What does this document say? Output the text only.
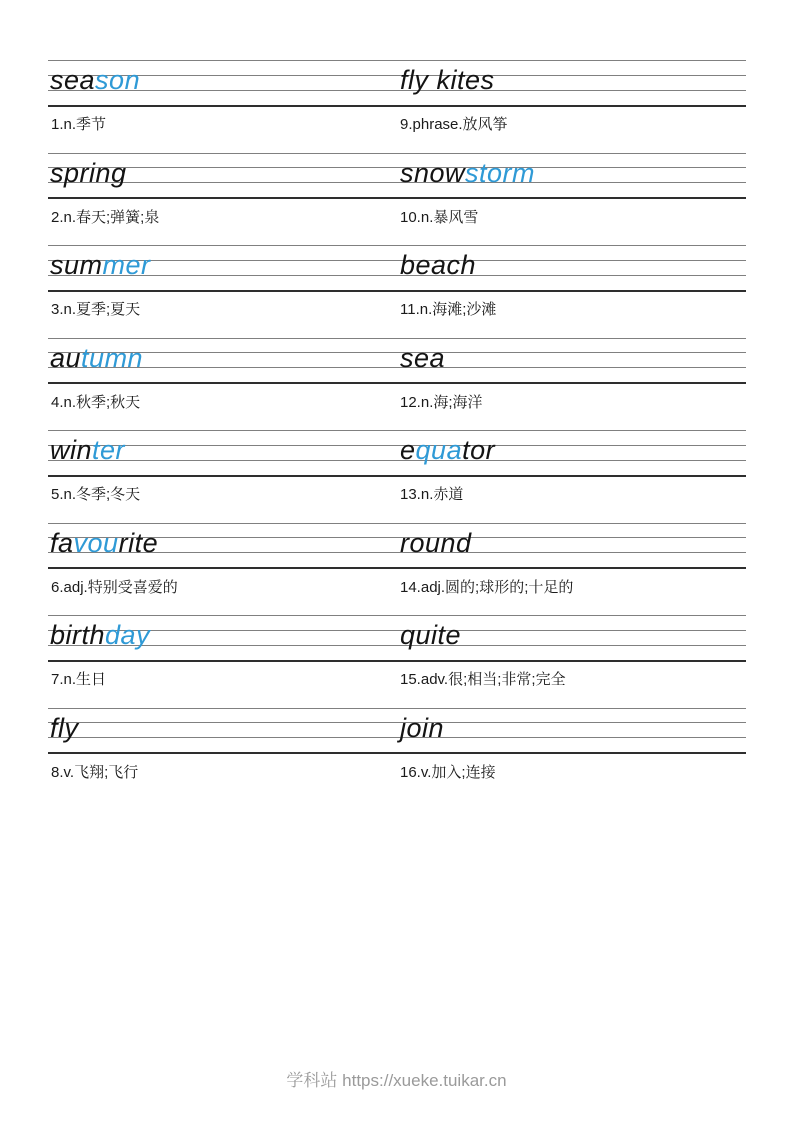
season	fly kites
1.n.季节	9.phrase.放风筝
spring	snowstorm
2.n.春天;弹簧;泉	10.n.暴风雪
summer	beach
3.n.夏季;夏天	11.n.海滩;沙滩
autumn	sea
4.n.秋季;秋天	12.n.海;海洋
winter	equator
5.n.冬季;冬天	13.n.赤道
favourite	round
6.adj.特别受喜爱的	14.adj.圆的;球形的;十足的
birthday	quite
7.n.生日	15.adv.很;相当;非常;完全
fly	join
8.v.飞翔;飞行	16.v.加入;连接
学科站 https://xueke.tuikar.cn
